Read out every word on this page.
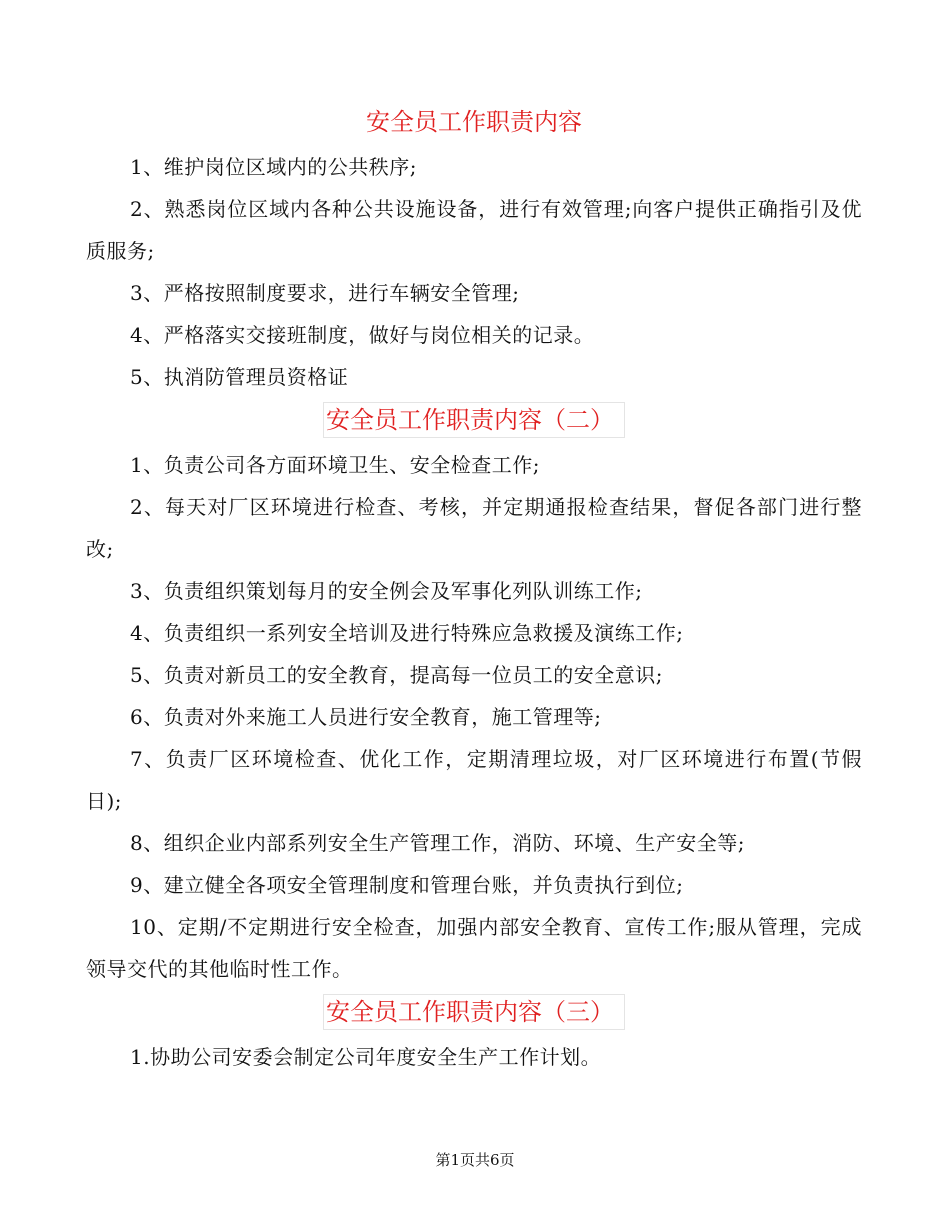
安全员工作职责内容

1、维护岗位区域内的公共秩序;

2、熟悉岗位区域内各种公共设施设备，进行有效管理;向客户提供正确指引及优质服务;

3、严格按照制度要求，进行车辆安全管理;

4、严格落实交接班制度，做好与岗位相关的记录。

5、执消防管理员资格证

安全员工作职责内容（二）

1、负责公司各方面环境卫生、安全检查工作;

2、每天对厂区环境进行检查、考核，并定期通报检查结果，督促各部门进行整改;

3、负责组织策划每月的安全例会及军事化列队训练工作;

4、负责组织一系列安全培训及进行特殊应急救援及演练工作;

5、负责对新员工的安全教育，提高每一位员工的安全意识;

6、负责对外来施工人员进行安全教育，施工管理等;

7、负责厂区环境检查、优化工作，定期清理垃圾，对厂区环境进行布置(节假日);

8、组织企业内部系列安全生产管理工作，消防、环境、生产安全等;

9、建立健全各项安全管理制度和管理台账，并负责执行到位;

10、定期/不定期进行安全检查，加强内部安全教育、宣传工作;服从管理，完成领导交代的其他临时性工作。

安全员工作职责内容（三）

1.协助公司安委会制定公司年度安全生产工作计划。

第1页共6页
